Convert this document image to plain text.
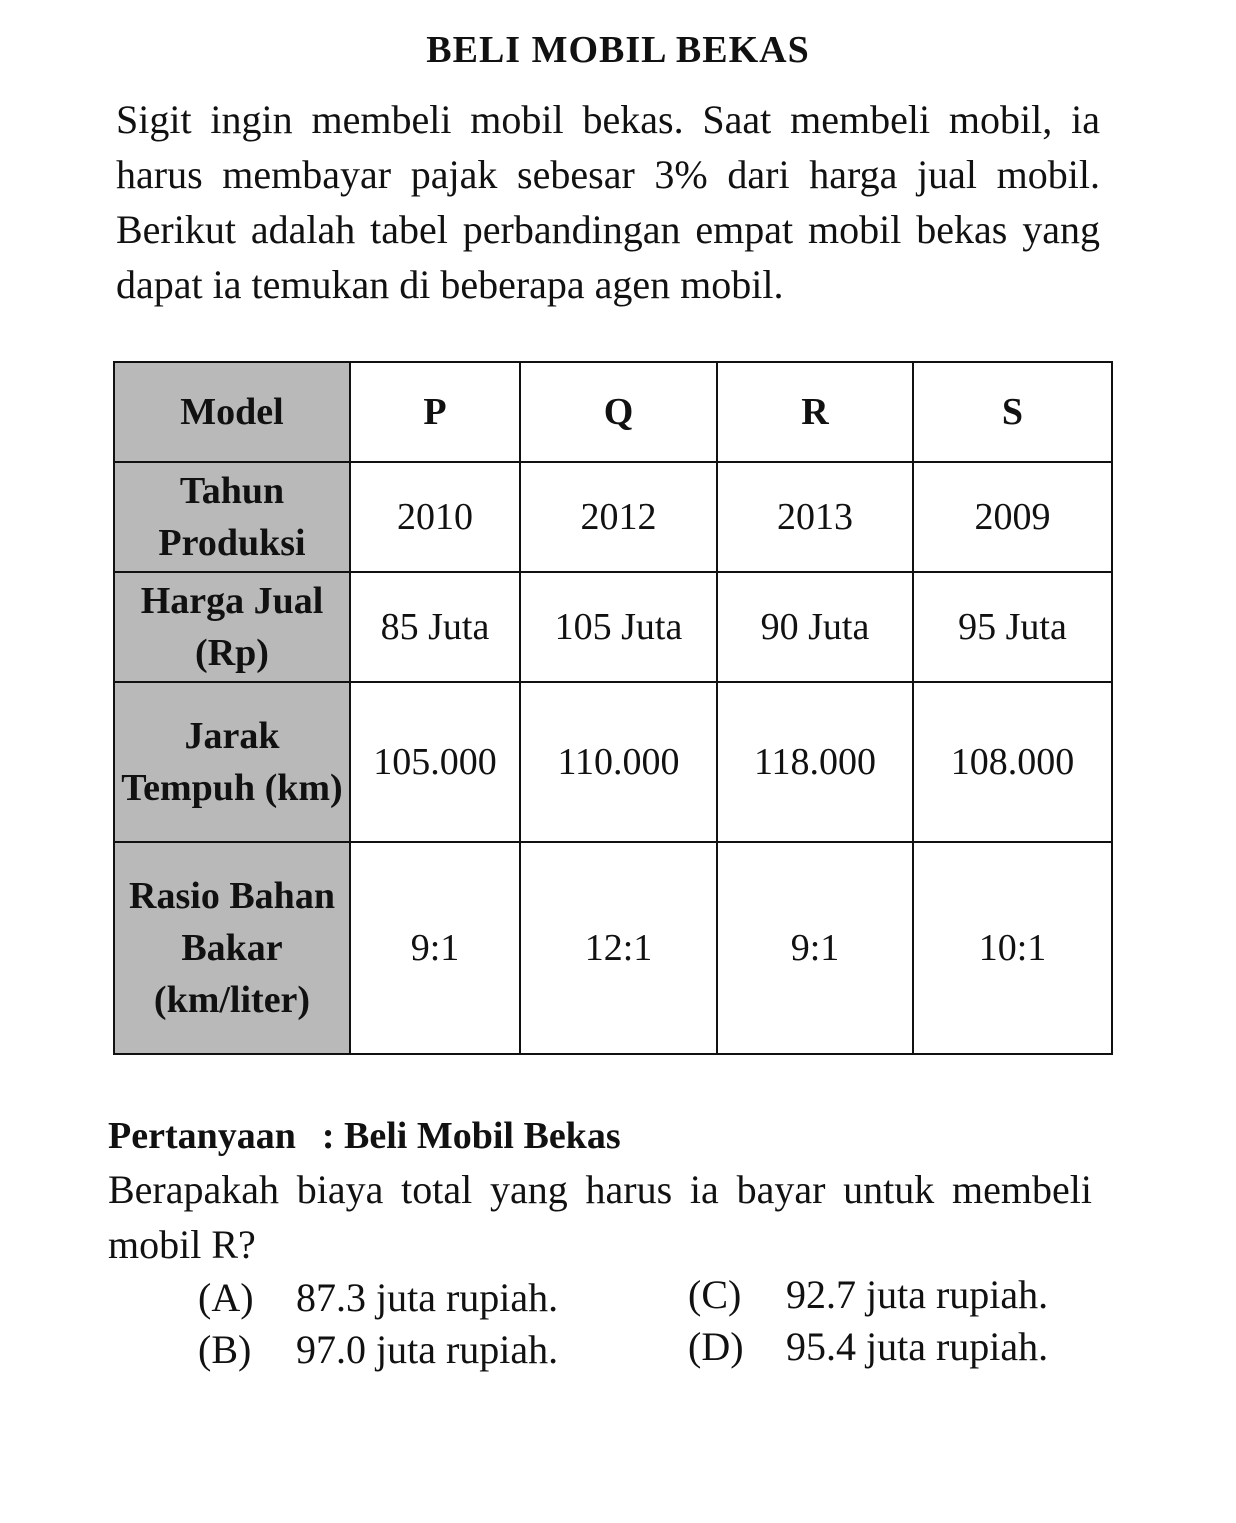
BELI MOBIL BEKAS
Sigit ingin membeli mobil bekas. Saat membeli mobil, ia harus membayar pajak sebesar 3% dari harga jual mobil. Berikut adalah tabel perbandingan empat mobil bekas yang dapat ia temukan di beberapa agen mobil.
Model	P	Q	R	S
Tahun Produksi	2010	2012	2013	2009
Harga Jual (Rp)	85 Juta	105 Juta	90 Juta	95 Juta
Jarak Tempuh (km)	105.000	110.000	118.000	108.000
Rasio Bahan Bakar (km/liter)	9:1	12:1	9:1	10:1
Pertanyaan : Beli Mobil Bekas
Berapakah biaya total yang harus ia bayar untuk membeli mobil R?
(A) 87.3 juta rupiah.
(B) 97.0 juta rupiah.
(C) 92.7 juta rupiah.
(D) 95.4 juta rupiah.
